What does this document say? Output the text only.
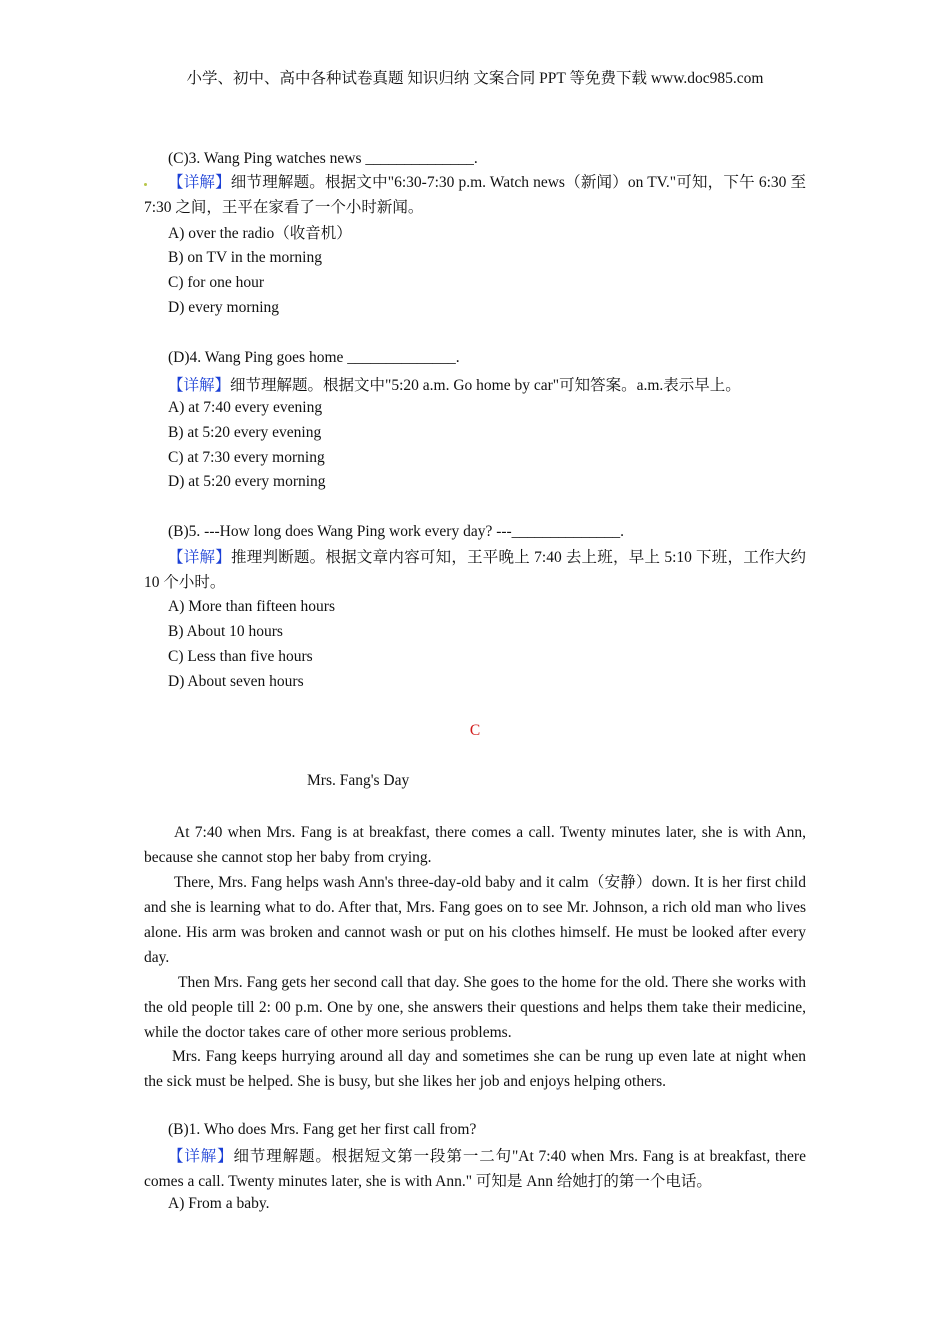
小学、初中、高中各种试卷真题 知识归纳 文案合同 PPT 等免费下载 www.doc985.com
(C)3. Wang Ping watches news ______________.
【详解】细节理解题。根据文中"6:30-7:30 p.m. Watch news（新闻）on TV."可知，下午 6:30 至 7:30 之间，王平在家看了一个小时新闻。
A) over the radio（收音机）
B) on TV in the morning
C) for one hour
D) every morning
(D)4. Wang Ping goes home ______________.
【详解】细节理解题。根据文中"5:20 a.m. Go home by car"可知答案。a.m.表示早上。
A) at 7:40 every evening
B) at 5:20 every evening
C) at 7:30 every morning
D) at 5:20 every morning
(B)5. ---How long does Wang Ping work every day? ---______________.
【详解】推理判断题。根据文章内容可知，王平晚上 7:40 去上班，早上 5:10 下班，工作大约 10 个小时。
A) More than fifteen hours
B) About 10 hours
C) Less than five hours
D) About seven hours
C
Mrs. Fang's Day
At 7:40 when Mrs. Fang is at breakfast, there comes a call. Twenty minutes later, she is with Ann, because she cannot stop her baby from crying.
There, Mrs. Fang helps wash Ann's three-day-old baby and it calm（安静）down. It is her first child and she is learning what to do. After that, Mrs. Fang goes on to see Mr. Johnson, a rich old man who lives alone. His arm was broken and cannot wash or put on his clothes himself. He must be looked after every day.
Then Mrs. Fang gets her second call that day. She goes to the home for the old. There she works with the old people till 2: 00 p.m. One by one, she answers their questions and helps them take their medicine, while the doctor takes care of other more serious problems.
Mrs. Fang keeps hurrying around all day and sometimes she can be rung up even late at night when the sick must be helped. She is busy, but she likes her job and enjoys helping others.
(B)1. Who does Mrs. Fang get her first call from?
【详解】细节理解题。根据短文第一段第一二句"At 7:40 when Mrs. Fang is at breakfast, there comes a call. Twenty minutes later, she is with Ann." 可知是 Ann 给她打的第一个电话。
A) From a baby.
